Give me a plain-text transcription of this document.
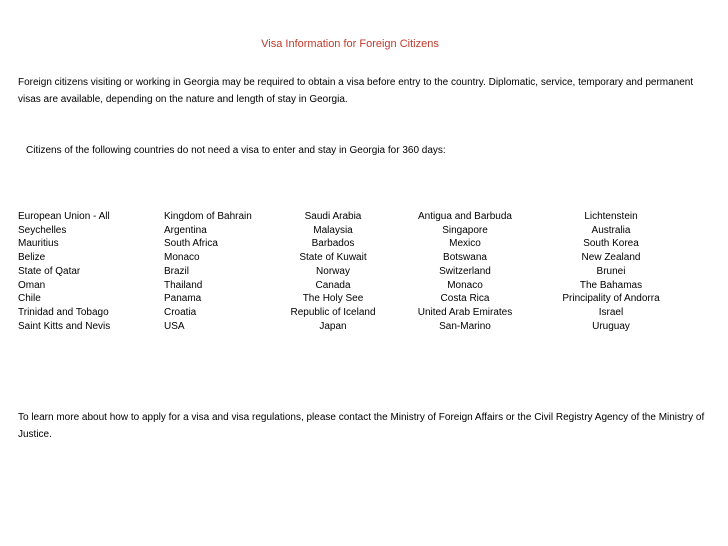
Visa Information for Foreign Citizens

Foreign citizens visiting or working in Georgia may be required to obtain a visa before entry to the country. Diplomatic, service, temporary and permanent visas are available, depending on the nature and length of stay in Georgia.

Citizens of the following countries do not need a visa to enter and stay in Georgia for 360 days:

European Union - All
Seychelles
Mauritius
Belize
State of Qatar
Oman
Chile
Trinidad and Tobago
Saint Kitts and Nevis
Kingdom of Bahrain
Argentina
South Africa
Monaco
Brazil
Thailand
Panama
Croatia
USA
Saudi Arabia
Malaysia
Barbados
State of Kuwait
Norway
Canada
The Holy See
Republic of Iceland
Japan
Antigua and Barbuda
Singapore
Mexico
Botswana
Switzerland
Monaco
Costa Rica
United Arab Emirates
San-Marino
Lichtenstein
Australia
South Korea
New Zealand
Brunei
The Bahamas
Principality of Andorra
Israel
Uruguay

To learn more about how to apply for a visa and visa regulations, please contact the Ministry of Foreign Affairs or the Civil Registry Agency of the Ministry of Justice.
